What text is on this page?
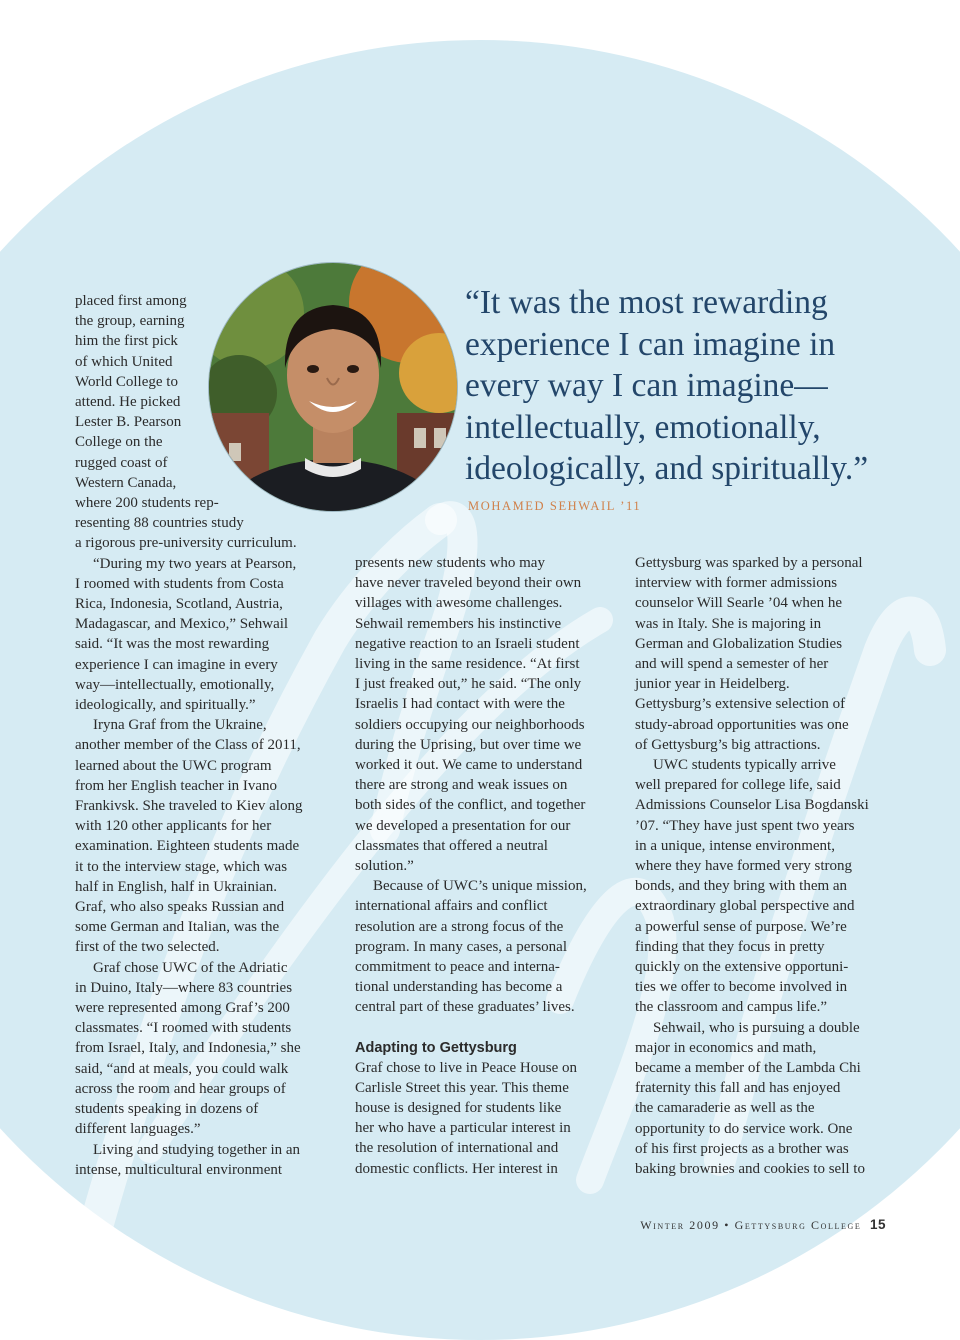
“It was the most rewarding
experience I can imagine in
every way I can imagine—
intellectually, emotionally,
ideologically, and spiritually.”
MOHAMED SEHWAIL ’11
placed first among
the group, earning
him the first pick
of which United
World College to
attend. He picked
Lester B. Pearson
College on the
rugged coast of
Western Canada,
where 200 students rep-
resenting 88 countries study
a rigorous pre-university curriculum.
“During my two years at Pearson,
I roomed with students from Costa
Rica, Indonesia, Scotland, Austria,
Madagascar, and Mexico,” Sehwail
said. “It was the most rewarding
experience I can imagine in every
way—intellectually, emotionally,
ideologically, and spiritually.”
Iryna Graf from the Ukraine,
another member of the Class of 2011,
learned about the UWC program
from her English teacher in Ivano
Frankivsk. She traveled to Kiev along
with 120 other applicants for her
examination. Eighteen students made
it to the interview stage, which was
half in English, half in Ukrainian.
Graf, who also speaks Russian and
some German and Italian, was the
first of the two selected.
Graf chose UWC of the Adriatic
in Duino, Italy—where 83 countries
were represented among Graf’s 200
classmates. “I roomed with students
from Israel, Italy, and Indonesia,” she
said, “and at meals, you could walk
across the room and hear groups of
students speaking in dozens of
different languages.”
Living and studying together in an
intense, multicultural environment
presents new students who may
have never traveled beyond their own
villages with awesome challenges.
Sehwail remembers his instinctive
negative reaction to an Israeli student
living in the same residence. “At first
I just freaked out,” he said. “The only
Israelis I had contact with were the
soldiers occupying our neighborhoods
during the Uprising, but over time we
worked it out. We came to understand
there are strong and weak issues on
both sides of the conflict, and together
we developed a presentation for our
classmates that offered a neutral
solution.”
Because of UWC’s unique mission,
international affairs and conflict
resolution are a strong focus of the
program. In many cases, a personal
commitment to peace and interna-
tional understanding has become a
central part of these graduates’ lives.
Adapting to Gettysburg
Graf chose to live in Peace House on
Carlisle Street this year. This theme
house is designed for students like
her who have a particular interest in
the resolution of international and
domestic conflicts. Her interest in
Gettysburg was sparked by a personal
interview with former admissions
counselor Will Searle ’04 when he
was in Italy. She is majoring in
German and Globalization Studies
and will spend a semester of her
junior year in Heidelberg.
Gettysburg’s extensive selection of
study-abroad opportunities was one
of Gettysburg’s big attractions.
UWC students typically arrive
well prepared for college life, said
Admissions Counselor Lisa Bogdanski
’07. “They have just spent two years
in a unique, intense environment,
where they have formed very strong
bonds, and they bring with them an
extraordinary global perspective and
a powerful sense of purpose. We’re
finding that they focus in pretty
quickly on the extensive opportuni-
ties we offer to become involved in
the classroom and campus life.”
Sehwail, who is pursuing a double
major in economics and math,
became a member of the Lambda Chi
fraternity this fall and has enjoyed
the camaraderie as well as the
opportunity to do service work. One
of his first projects as a brother was
baking brownies and cookies to sell to
Winter 2009 • Gettysburg College 15
